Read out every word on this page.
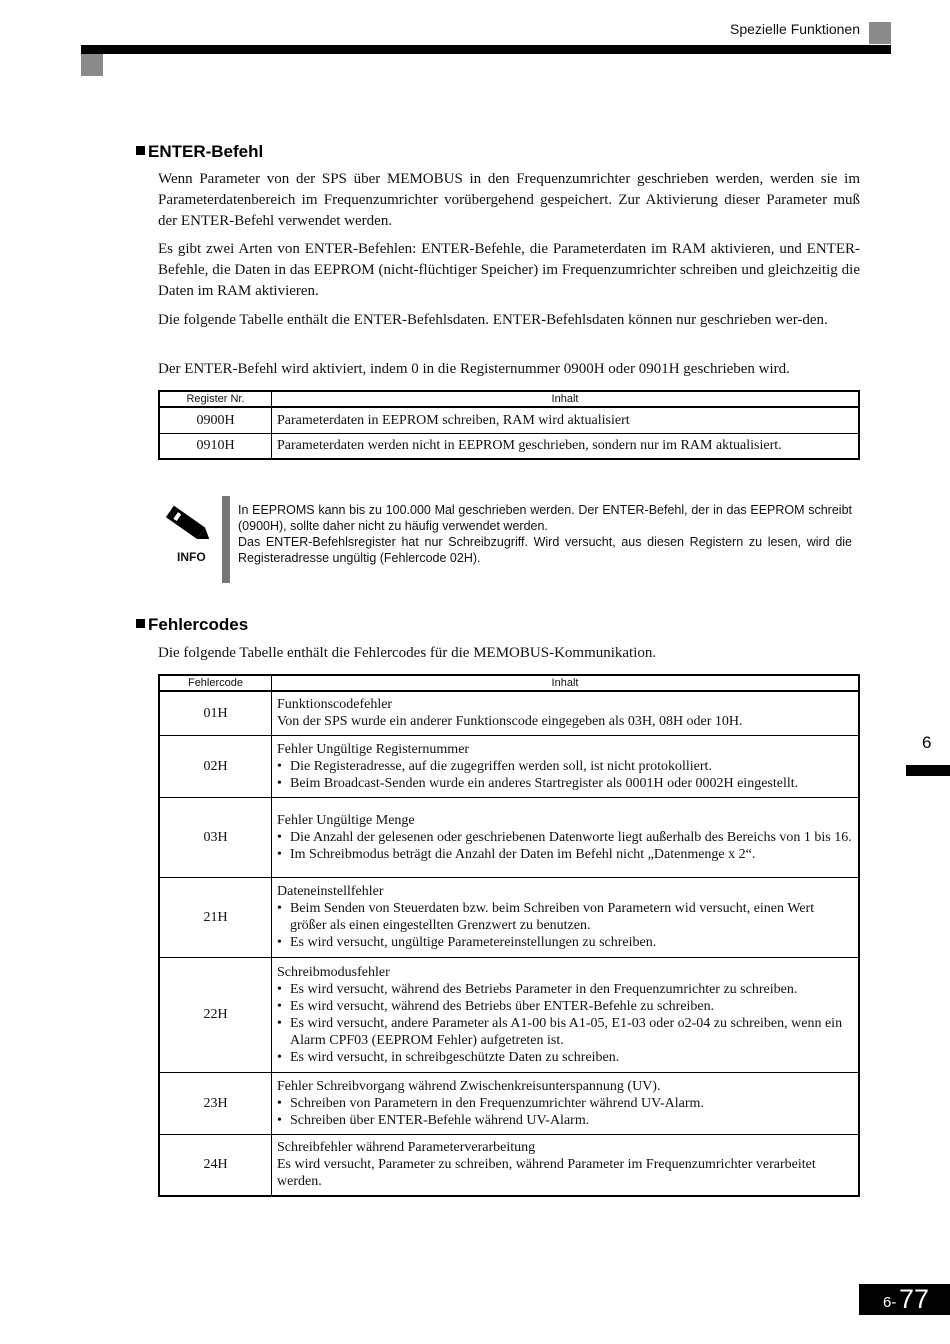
Spezielle Funktionen
ENTER-Befehl

Wenn Parameter von der SPS über MEMOBUS in den Frequenzumrichter geschrieben werden, werden sie im Parameterdatenbereich im Frequenzumrichter vorübergehend gespeichert. Zur Aktivierung dieser Parameter muß der ENTER-Befehl verwendet werden.

Es gibt zwei Arten von ENTER-Befehlen: ENTER-Befehle, die Parameterdaten im RAM aktivieren, und ENTER-Befehle, die Daten in das EEPROM (nicht-flüchtiger Speicher) im Frequenzumrichter schreiben und gleichzeitig die Daten im RAM aktivieren.

Die folgende Tabelle enthält die ENTER-Befehlsdaten. ENTER-Befehlsdaten können nur geschrieben wer-den.

Der ENTER-Befehl wird aktiviert, indem 0 in die Registernummer 0900H oder 0901H geschrieben wird.

Register Nr.	Inhalt
0900H	Parameterdaten in EEPROM schreiben, RAM wird aktualisiert
0910H	Parameterdaten werden nicht in EEPROM geschrieben, sondern nur im RAM aktualisiert.
INFO
In EEPROMS kann bis zu 100.000 Mal geschrieben werden. Der ENTER-Befehl, der in das EEPROM schreibt (0900H), sollte daher nicht zu häufig verwendet werden.
Das ENTER-Befehlsregister hat nur Schreibzugriff. Wird versucht, aus diesen Registern zu lesen, wird die Registeradresse ungültig (Fehlercode 02H).
Fehlercodes

Die folgende Tabelle enthält die Fehlercodes für die MEMOBUS-Kommunikation.

Fehlercode	Inhalt
01H	Funktionscodefehler

Von der SPS wurde ein anderer Funktionscode eingegeben als 03H, 08H oder 10H.

02H	Fehler Ungültige Registernummer

• Die Registeradresse, auf die zugegriffen werden soll, ist nicht protokolliert.

• Beim Broadcast-Senden wurde ein anderes Startregister als 0001H oder 0002H eingestellt.

03H	Fehler Ungültige Menge

• Die Anzahl der gelesenen oder geschriebenen Datenworte liegt außerhalb des Bereichs von 1 bis 16.

• Im Schreibmodus beträgt die Anzahl der Daten im Befehl nicht „Datenmenge x 2“.

21H	Dateneinstellfehler

• Beim Senden von Steuerdaten bzw. beim Schreiben von Parametern wid versucht, einen Wert größer als einen eingestellten Grenzwert zu benutzen.

• Es wird versucht, ungültige Parametereinstellungen zu schreiben.

22H	Schreibmodusfehler

• Es wird versucht, während des Betriebs Parameter in den Frequenzumrichter zu schreiben.

• Es wird versucht, während des Betriebs über ENTER-Befehle zu schreiben.

• Es wird versucht, andere Parameter als A1-00 bis A1-05, E1-03 oder o2-04 zu schreiben, wenn ein Alarm CPF03 (EEPROM Fehler) aufgetreten ist.

• Es wird versucht, in schreibgeschützte Daten zu schreiben.

23H	Fehler Schreibvorgang während Zwischenkreisunterspannung (UV).

• Schreiben von Parametern in den Frequenzumrichter während UV-Alarm.

• Schreiben über ENTER-Befehle während UV-Alarm.

24H	Schreibfehler während Parameterverarbeitung

Es wird versucht, Parameter zu schreiben, während Parameter im Frequenzumrichter verarbeitet werden.

6
6- 77
